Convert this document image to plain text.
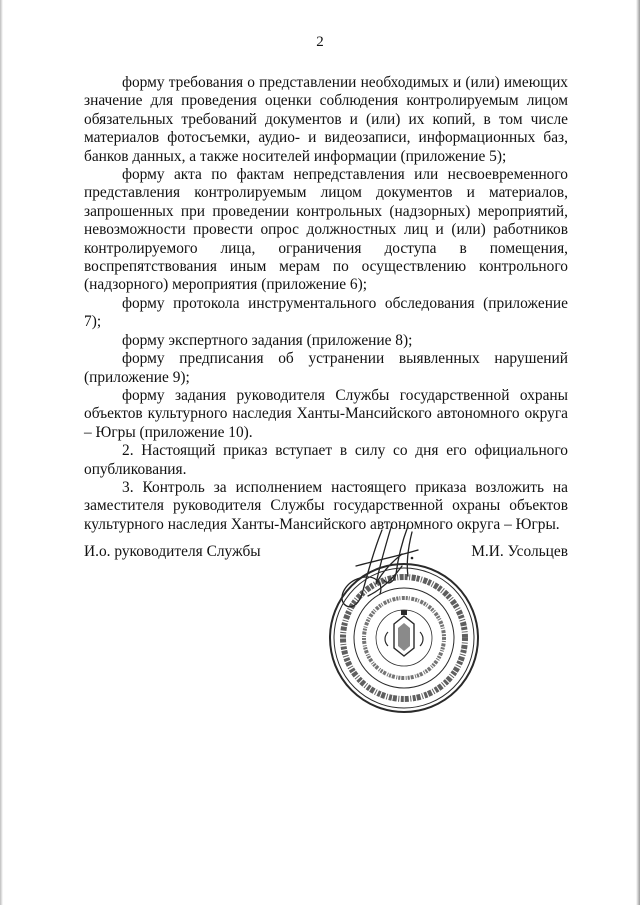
2

форму требования о представлении необходимых и (или) имеющих значение для проведения оценки соблюдения контролируемым лицом обязательных требований документов и (или) их копий, в том числе материалов фотосъемки, аудио- и видеозаписи, информационных баз, банков данных, а также носителей информации (приложение 5);

форму акта по фактам непредставления или несвоевременного представления контролируемым лицом документов и материалов, запрошенных при проведении контрольных (надзорных) мероприятий, невозможности провести опрос должностных лиц и (или) работников контролируемого лица, ограничения доступа в помещения, воспрепятствования иным мерам по осуществлению контрольного (надзорного) мероприятия (приложение 6);

форму протокола инструментального обследования (приложение 7);

форму экспертного задания (приложение 8);

форму предписания об устранении выявленных нарушений (приложение 9);

форму задания руководителя Службы государственной охраны объектов культурного наследия Ханты-Мансийского автономного округа – Югры (приложение 10).

2. Настоящий приказ вступает в силу со дня его официального опубликования.

3. Контроль за исполнением настоящего приказа возложить на заместителя руководителя Службы государственной охраны объектов культурного наследия Ханты-Мансийского автономного округа – Югры.

И.о. руководителя Службы	М.И. Усольцев
